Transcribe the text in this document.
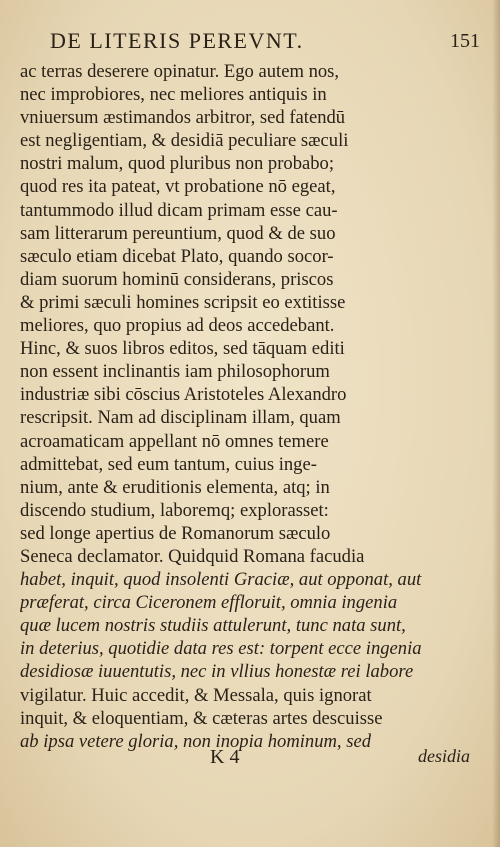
DE LITERIS PEREVNT.	151
ac terras deserere opinatur. Ego autem nos,
nec improbiores, nec meliores antiquis in
vniuersum æstimandos arbitror, sed fatendū
est negligentiam, & desidiā peculiare sæculi
nostri malum, quod pluribus non probabo;
quod res ita pateat, vt probatione nō egeat,
tantummodo illud dicam primam esse cau-
sam litterarum pereuntium, quod & de suo
sæculo etiam dicebat Plato, quando socor-
diam suorum hominū considerans, priscos
& primi sæculi homines scripsit eo extitisse
meliores, quo propius ad deos accedebant.
Hinc, & suos libros editos, sed tāquam editi
non essent inclinantis iam philosophorum
industriæ sibi cōscius Aristoteles Alexandro
rescripsit. Nam ad disciplinam illam, quam
acroamaticam appellant nō omnes temere
admittebat, sed eum tantum, cuius inge-
nium, ante & eruditionis elementa, atq; in
discendo studium, laboremq; explorasset:
sed longe apertius de Romanorum sæculo
Seneca declamator. Quidquid Romana facudia
habet, inquit, quod insolenti Graciæ, aut opponat, aut
præferat, circa Ciceronem effloruit, omnia ingenia
quæ lucem nostris studiis attulerunt, tunc nata sunt,
in deterius, quotidie data res est: torpent ecce ingenia
desidiosæ iuuentutis, nec in vllius honestæ rei labore
vigilatur. Huic accedit, & Messala, quis ignorat
inquit, & eloquentiam, & cæteras artes descuisse
ab ipsa vetere gloria, non inopia hominum, sed
K 4	desidia
